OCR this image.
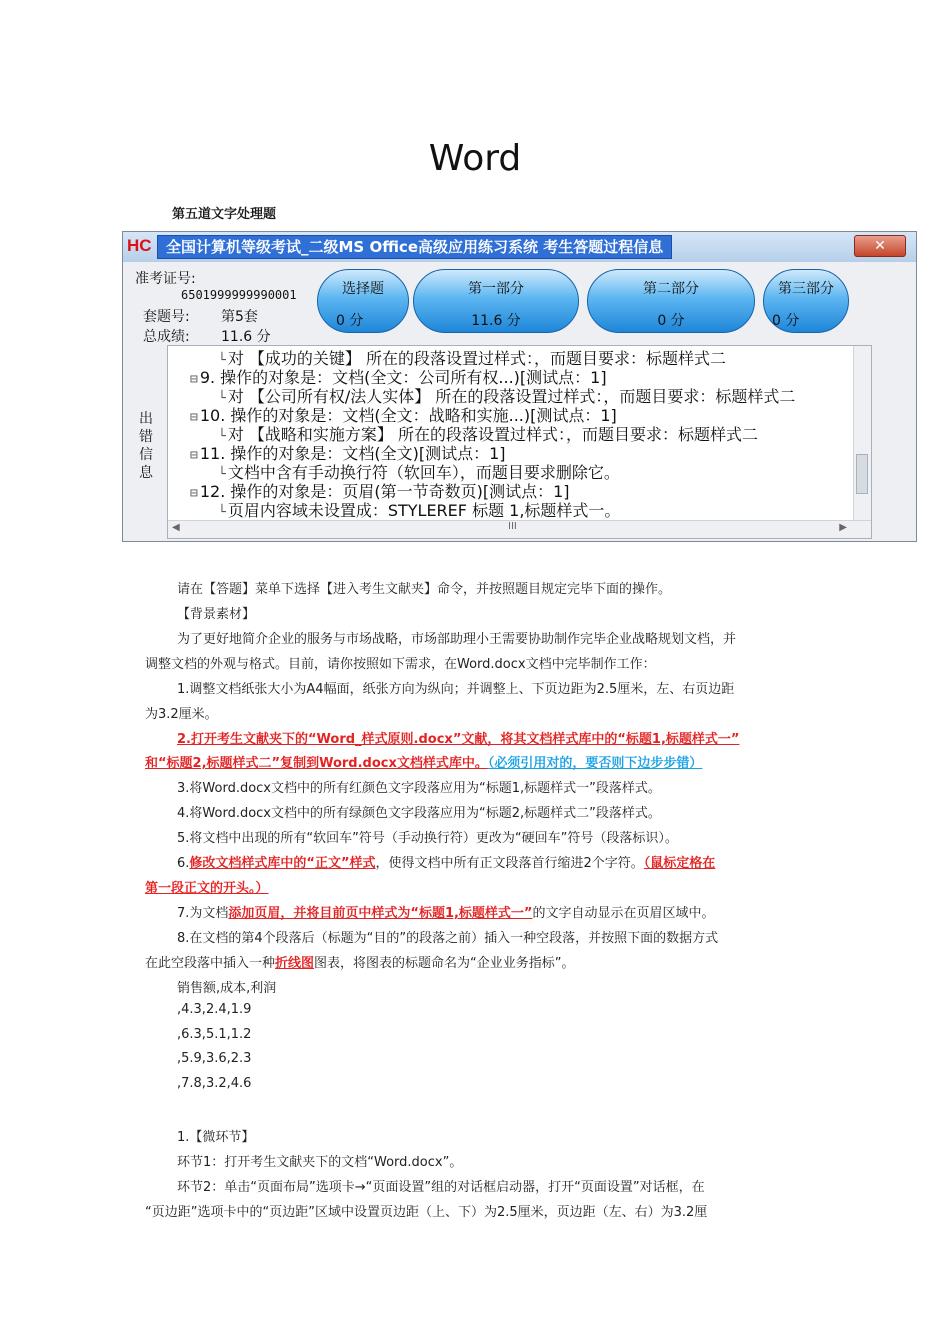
Word
第五道文字处理题
HC 全国计算机等级考试_二级MS Office高级应用练习系统 考生答题过程信息	✕
准考证号:
6501999999990001
套题号: 第5套
总成绩: 11.6 分
选择题
0 分
第一部分
11.6 分
第二部分
0 分
第三部分
0 分
出错信息
└ 对 【成功的关键】 所在的段落设置过样式：，而题目要求：标题样式二
⊟ 9. 操作的对象是：文档(全文：公司所有权...)[测试点：1]
└ 对 【公司所有权/法人实体】 所在的段落设置过样式：，而题目要求：标题样式二
⊟ 10. 操作的对象是：文档(全文：战略和实施...)[测试点：1]
└ 对 【战略和实施方案】 所在的段落设置过样式：，而题目要求：标题样式二
⊟ 11. 操作的对象是：文档(全文)[测试点：1]
└ 文档中含有手动换行符（软回车），而题目要求删除它。
⊟ 12. 操作的对象是：页眉(第一节奇数页)[测试点：1]
└ 页眉内容域未设置成：STYLEREF 标题 1,标题样式一。
◀	III	▶
请在【答题】菜单下选择【进入考生文献夹】命令，并按照题目规定完毕下面的操作。
【背景素材】
为了更好地简介企业的服务与市场战略，市场部助理小王需要协助制作完毕企业战略规划文档，并
调整文档的外观与格式。目前，请你按照如下需求，在Word.docx文档中完毕制作工作：
1.调整文档纸张大小为A4幅面，纸张方向为纵向；并调整上、下页边距为2.5厘米，左、右页边距
为3.2厘米。
2.打开考生文献夹下的“Word_样式原则.docx”文献，将其文档样式库中的“标题1,标题样式一”
和“标题2,标题样式二”复制到Word.docx文档样式库中。（必须引用对的，要否则下边步步错）
3.将Word.docx文档中的所有红颜色文字段落应用为“标题1,标题样式一”段落样式。
4.将Word.docx文档中的所有绿颜色文字段落应用为“标题2,标题样式二”段落样式。
5.将文档中出现的所有“软回车”符号（手动换行符）更改为“硬回车”符号（段落标识）。
6.修改文档样式库中的“正文”样式，使得文档中所有正文段落首行缩进2个字符。（鼠标定格在
第一段正文的开头。）
7.为文档添加页眉，并将目前页中样式为“标题1,标题样式一”的文字自动显示在页眉区域中。
8.在文档的第4个段落后（标题为“目的”的段落之前）插入一种空段落，并按照下面的数据方式
在此空段落中插入一种折线图图表，将图表的标题命名为“企业业务指标”。
销售额,成本,利润
,4.3,2.4,1.9
,6.3,5.1,1.2
,5.9,3.6,2.3
,7.8,3.2,4.6
1.【微环节】
环节1：打开考生文献夹下的文档“Word.docx”。
环节2：单击“页面布局”选项卡→“页面设置”组的对话框启动器，打开“页面设置”对话框，在
“页边距”选项卡中的“页边距”区域中设置页边距（上、下）为2.5厘米，页边距（左、右）为3.2厘
